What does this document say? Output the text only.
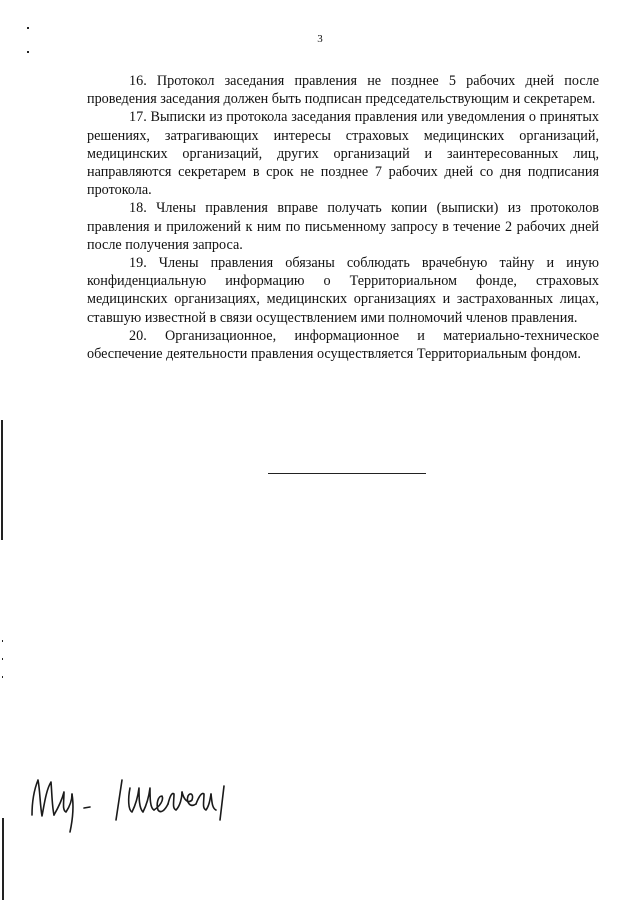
3

16. Протокол заседания правления не позднее 5 рабочих дней после проведения заседания должен быть подписан председательствующим и секретарем.

17. Выписки из протокола заседания правления или уведомления о принятых решениях, затрагивающих интересы страховых медицинских организаций, медицинских организаций, других организаций и заинтересованных лиц, направляются секретарем в срок не позднее 7 рабочих дней со дня подписания протокола.

18. Члены правления вправе получать копии (выписки) из протоколов правления и приложений к ним по письменному запросу в течение 2 рабочих дней после получения запроса.

19. Члены правления обязаны соблюдать врачебную тайну и иную конфиденциальную информацию о Территориальном фонде, страховых медицинских организациях, медицинских организациях и застрахованных лицах, ставшую известной в связи осуществлением ими полномочий членов правления.

20. Организационное, информационное и материально-техническое обеспечение деятельности правления осуществляется Территориальным фондом.
